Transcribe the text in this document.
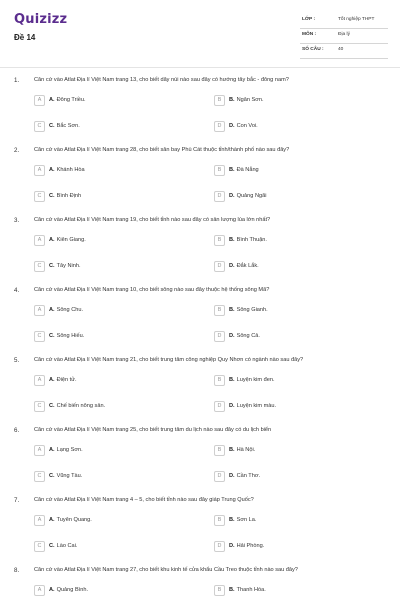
Quizizz
Đề 14
LỚP :	Tốt nghiệp THPT
MÔN :	Địa lý
SỐ CÂU :	40
1.	Căn cứ vào Atlat Địa lí Việt Nam trang 13, cho biết dãy núi nào sau đây có hướng tây bắc - đông nam?
A	A. Đông Triều.	B	B. Ngân Sơn.
C	C. Bắc Sơn.	D	D. Con Voi.
2.	Căn cứ vào Atlat Địa lí Việt Nam trang 28, cho biết sân bay Phù Cát thuộc tỉnh/thành phố nào sau đây?
A	A. Khánh Hòa	B	B. Đà Nẵng
C	C. Bình Định	D	D. Quảng Ngãi
3.	Căn cứ vào Atlat Địa lí Việt Nam trang 19, cho biết tỉnh nào sau đây có sản lượng lúa lớn nhất?
A	A. Kiên Giang.	B	B. Bình Thuận.
C	C. Tây Ninh.	D	D. Đắk Lắk.
4.	Căn cứ vào Atlat Địa lí Việt Nam trang 10, cho biết sông nào sau đây thuộc hệ thống sông Mã?
A	A. Sông Chu.	B	B. Sông Gianh.
C	C. Sông Hiếu.	D	D. Sông Cả.
5.	Căn cứ vào Atlat Địa lí Việt Nam trang 21, cho biết trung tâm công nghiệp Quy Nhơn có ngành nào sau đây?
A	A. Điện tử.	B	B. Luyện kim đen.
C	C. Chế biến nông sản.	D	D. Luyện kim màu.
6.	Căn cứ vào Atlat Địa lí Việt Nam trang 25, cho biết trung tâm du lịch nào sau đây có du lịch biển
A	A. Lạng Sơn.	B	B. Hà Nội.
C	C. Vũng Tàu.	D	D. Cần Thơ.
7.	Căn cứ vào Atlat Địa lí Việt Nam trang 4 – 5, cho biết tỉnh nào sau đây giáp Trung Quốc?
A	A. Tuyên Quang.	B	B. Sơn La.
C	C. Lào Cai.	D	D. Hải Phòng.
8.	Căn cứ vào Atlat Địa lí Việt Nam trang 27, cho biết khu kinh tế cửa khẩu Cầu Treo thuộc tỉnh nào sau đây?
A	A. Quảng Bình.	B	B. Thanh Hóa.
